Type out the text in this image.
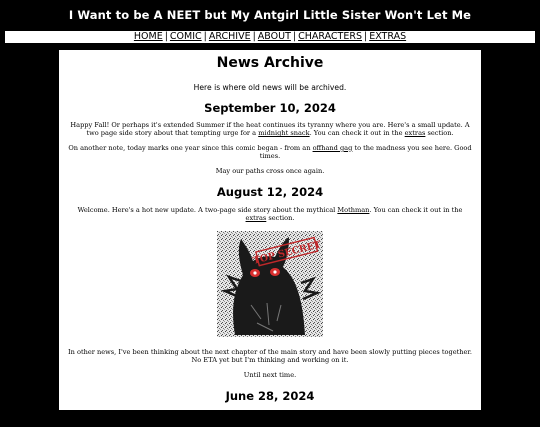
I Want to be A NEET but My Antgirl Little Sister Won't Let Me
HOME | COMIC | ARCHIVE | ABOUT | CHARACTERS | EXTRAS
News Archive
Here is where old news will be archived.
September 10, 2024
Happy Fall! Or perhaps it's extended Summer if the heat continues its tyranny where you are. Here's a small update. A two page side story about that tempting urge for a midnight snack. You can check it out in the extras section.
On another note, today marks one year since this comic began - from an offhand gag to the madness you see here. Good times.
May our paths cross once again.
August 12, 2024
Welcome. Here's a hot new update. A two-page side story about the mythical Mothman. You can check it out in the extras section.
TOP SECRET
In other news, I've been thinking about the next chapter of the main story and have been slowly putting pieces together. No ETA yet but I'm thinking and working on it.
Until next time.
June 28, 2024
Hello hello. Minor update here. Posted some behind the scenes concept work. You can check them out in the extras section.
